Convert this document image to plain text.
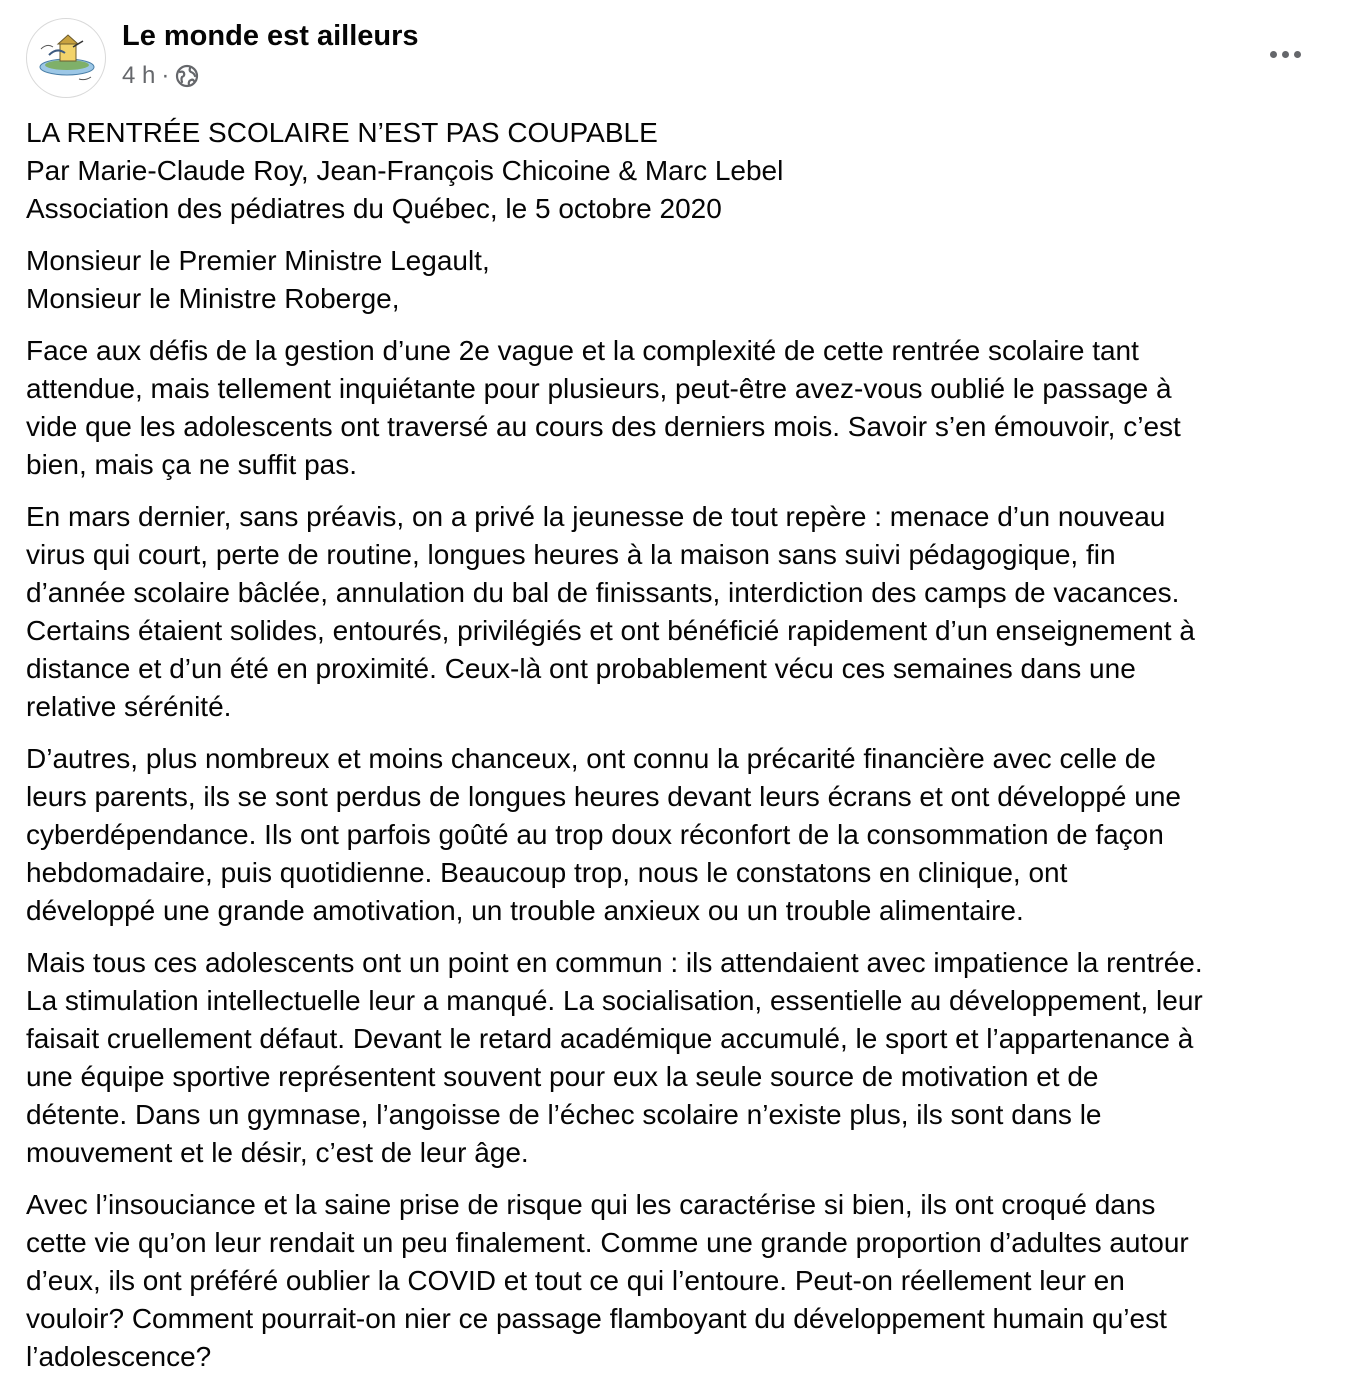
Le monde est ailleurs
4 h ·

LA RENTRÉE SCOLAIRE N’EST PAS COUPABLE
Par Marie-Claude Roy, Jean-François Chicoine & Marc Lebel
Association des pédiatres du Québec, le 5 octobre 2020

Monsieur le Premier Ministre Legault,
Monsieur le Ministre Roberge,

Face aux défis de la gestion d’une 2e vague et la complexité de cette rentrée scolaire tant
attendue, mais tellement inquiétante pour plusieurs, peut-être avez-vous oublié le passage à
vide que les adolescents ont traversé au cours des derniers mois. Savoir s’en émouvoir, c’est
bien, mais ça ne suffit pas.

En mars dernier, sans préavis, on a privé la jeunesse de tout repère : menace d’un nouveau
virus qui court, perte de routine, longues heures à la maison sans suivi pédagogique, fin
d’année scolaire bâclée, annulation du bal de finissants, interdiction des camps de vacances.
Certains étaient solides, entourés, privilégiés et ont bénéficié rapidement d’un enseignement à
distance et d’un été en proximité. Ceux-là ont probablement vécu ces semaines dans une
relative sérénité.

D’autres, plus nombreux et moins chanceux, ont connu la précarité financière avec celle de
leurs parents, ils se sont perdus de longues heures devant leurs écrans et ont développé une
cyberdépendance. Ils ont parfois goûté au trop doux réconfort de la consommation de façon
hebdomadaire, puis quotidienne. Beaucoup trop, nous le constatons en clinique, ont
développé une grande amotivation, un trouble anxieux ou un trouble alimentaire.

Mais tous ces adolescents ont un point en commun : ils attendaient avec impatience la rentrée.
La stimulation intellectuelle leur a manqué. La socialisation, essentielle au développement, leur
faisait cruellement défaut. Devant le retard académique accumulé, le sport et l’appartenance à
une équipe sportive représentent souvent pour eux la seule source de motivation et de
détente. Dans un gymnase, l’angoisse de l’échec scolaire n’existe plus, ils sont dans le
mouvement et le désir, c’est de leur âge.

Avec l’insouciance et la saine prise de risque qui les caractérise si bien, ils ont croqué dans
cette vie qu’on leur rendait un peu finalement. Comme une grande proportion d’adultes autour
d’eux, ils ont préféré oublier la COVID et tout ce qui l’entoure. Peut-on réellement leur en
vouloir? Comment pourrait-on nier ce passage flamboyant du développement humain qu’est
l’adolescence?
